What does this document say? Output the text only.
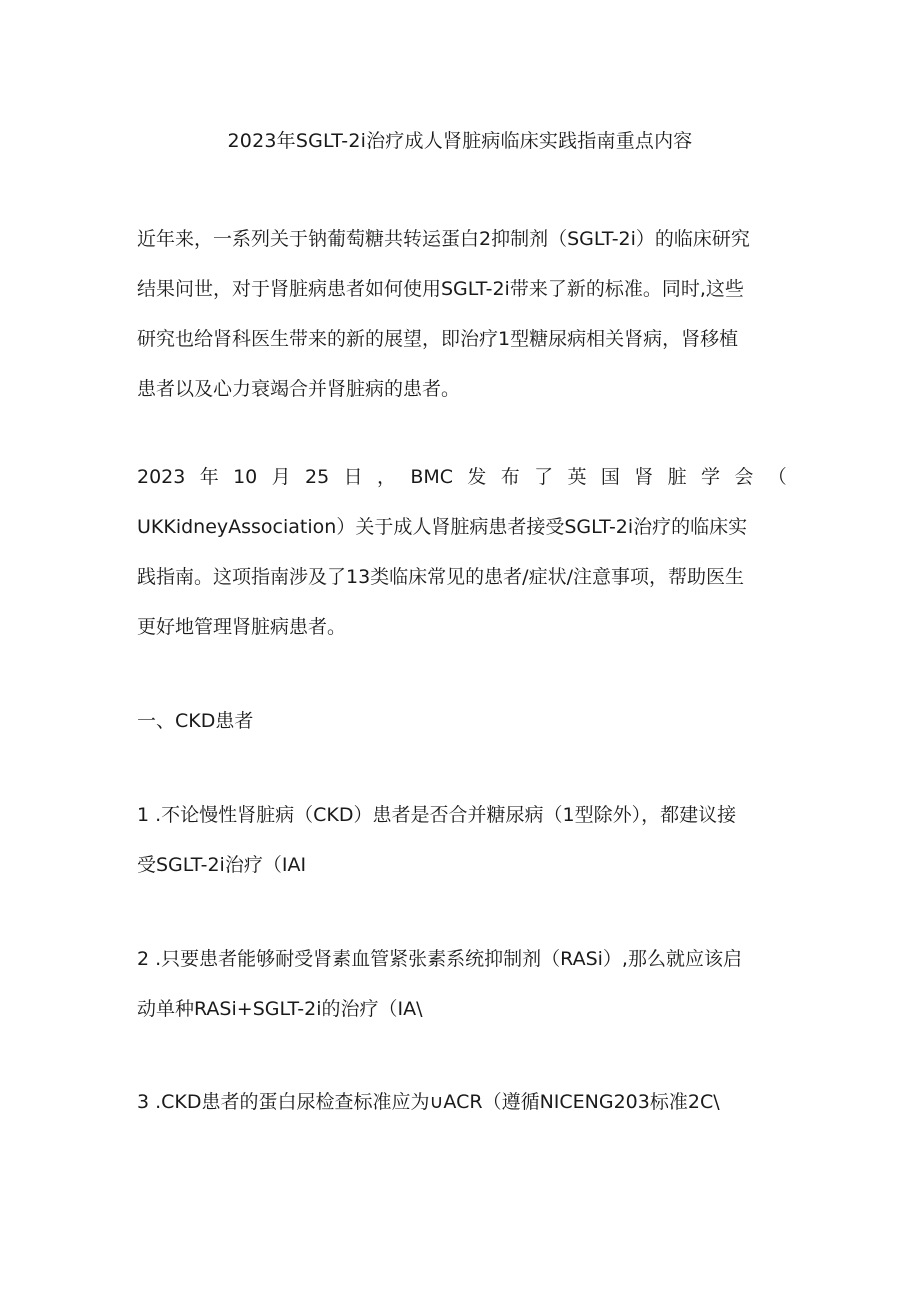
2023年SGLT-2i治疗成人肾脏病临床实践指南重点内容
近年来，一系列关于钠葡萄糖共转运蛋白2抑制剂（SGLT-2i）的临床研究
结果问世，对于肾脏病患者如何使用SGLT-2i带来了新的标准。同时,这些
研究也给肾科医生带来的新的展望，即治疗1型糖尿病相关肾病，肾移植
患者以及心力衰竭合并肾脏病的患者。
2023 年 10 月 25 日 ， BMC 发 布 了 英 国 肾 脏 学 会 （
UKKidneyAssociation）关于成人肾脏病患者接受SGLT-2i治疗的临床实
践指南。这项指南涉及了13类临床常见的患者/症状/注意事项，帮助医生
更好地管理肾脏病患者。
一、CKD患者
1 .不论慢性肾脏病（CKD）患者是否合并糖尿病（1型除外），都建议接
受SGLT-2i治疗（IAI
2 .只要患者能够耐受肾素血管紧张素系统抑制剂（RASi）,那么就应该启
动单种RASi+SGLT-2i的治疗（IA\
3 .CKD患者的蛋白尿检查标准应为∪ACR（遵循NICENG203标准2C\
